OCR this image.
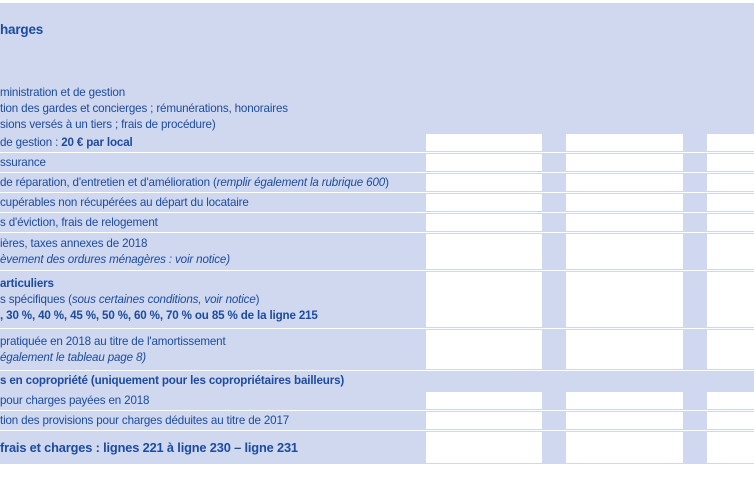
harges
ministration et de gestion
tion des gardes et concierges ; rémunérations, honoraires
sions versés à un tiers ; frais de procédure)
de gestion : 20 € par local
ssurance
de réparation, d'entretien et d'amélioration (remplir également la rubrique 600)
cupérables non récupérées au départ du locataire
s d'éviction, frais de relogement
ières, taxes annexes de 2018
èvement des ordures ménagères : voir notice)
articuliers
s spécifiques (sous certaines conditions, voir notice)
, 30 %, 40 %, 45 %, 50 %, 60 %, 70 % ou 85 % de la ligne 215
pratiquée en 2018 au titre de l'amortissement
également le tableau page 8)
s en copropriété (uniquement pour les copropriétaires bailleurs)
pour charges payées en 2018
tion des provisions pour charges déduites au titre de 2017
frais et charges : lignes 221 à ligne 230 – ligne 231
